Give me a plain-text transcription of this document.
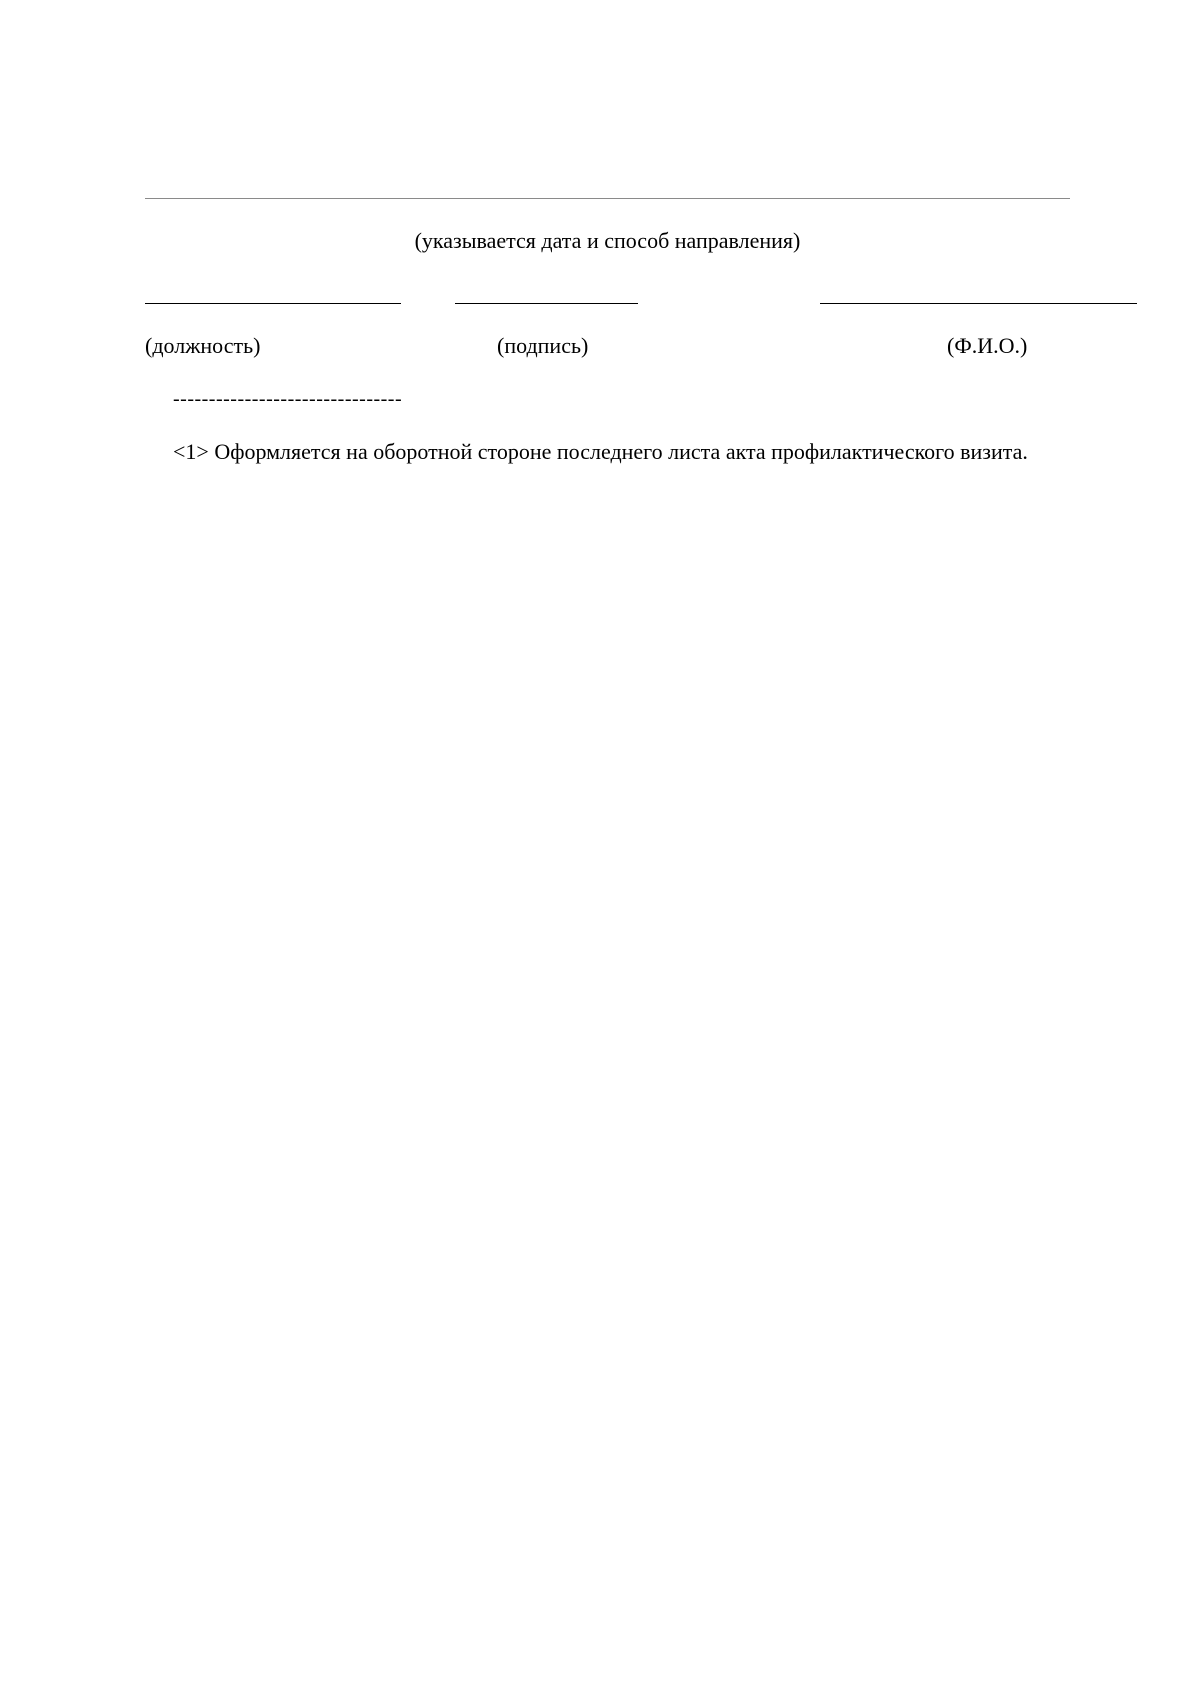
(указывается дата и способ направления)
(должность)	(подпись)	(Ф.И.О.)
--------------------------------
<1> Оформляется на оборотной стороне последнего листа акта профилактического визита.
